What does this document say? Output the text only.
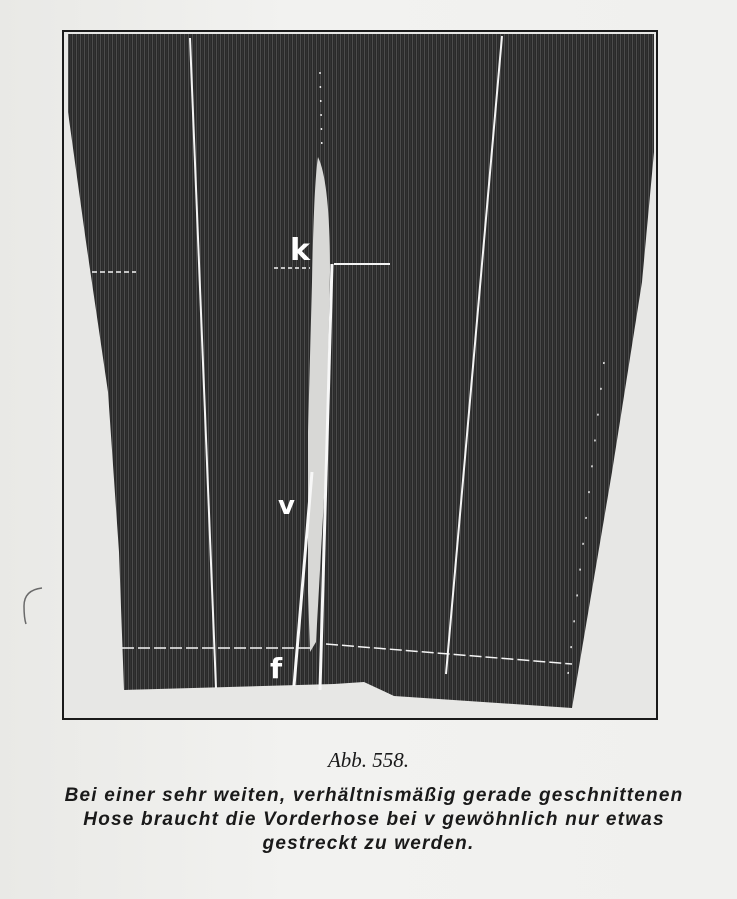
k
v
f
Abb. 558.
Bei einer sehr weiten, verhältnismäßig gerade geschnittenen
Hose braucht die Vorderhose bei v gewöhnlich nur etwas
gestreckt zu werden.
